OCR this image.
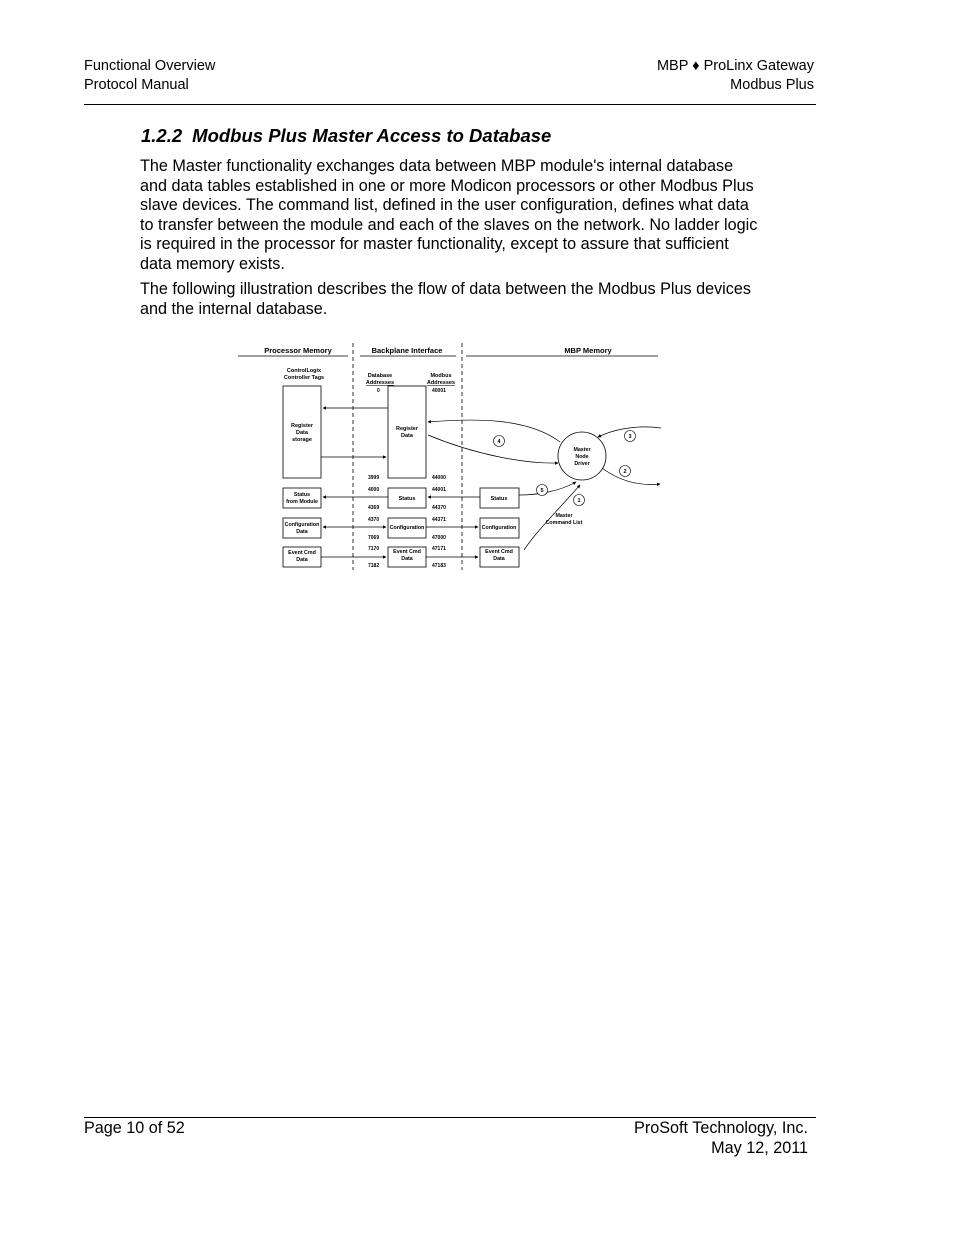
Functional Overview
Protocol Manual
MBP ♦ ProLinx Gateway
Modbus Plus
1.2.2 Modbus Plus Master Access to Database
The Master functionality exchanges data between MBP module's internal database and data tables established in one or more Modicon processors or other Modbus Plus slave devices. The command list, defined in the user configuration, defines what data to transfer between the module and each of the slaves on the network. No ladder logic is required in the processor for master functionality, except to assure that sufficient data memory exists.
The following illustration describes the flow of data between the Modbus Plus devices and the internal database.
Processor Memory	Backplane Interface	MBP Memory
ControlLogix
Controller Tags	Database
Addresses
Modbus
Addresses
Register
Data
storage
Register
Data
0
3999
4000
4369
4370
7069
7170
7182
40001
44000
44001
44370
44371
47000
47171
47183
Status
from Module	Status	Status
Configuration
Data
Configuration	Configuration
Event Cmd
Data
Event Cmd
Data
Event Cmd
Data
Master
Node
Driver
Master
Command List
4
3
2
5
1
Page 10 of 52	ProSoft Technology, Inc.
May 12, 2011
